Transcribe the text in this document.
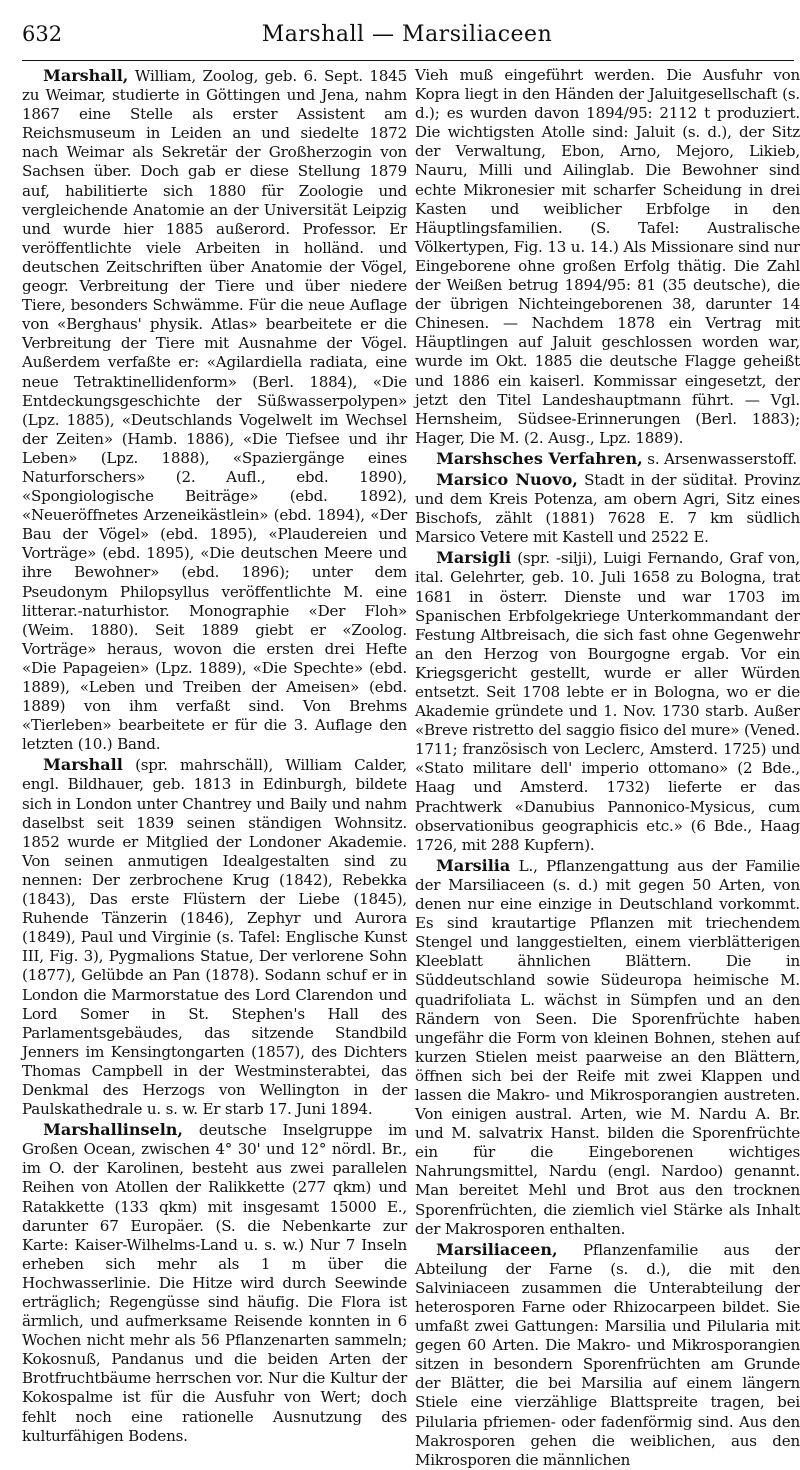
632	Marshall — Marsiliaceen

Marshall, William, Zoolog, geb. 6. Sept. 1845 zu Weimar, studierte in Göttingen und Jena, nahm 1867 eine Stelle als erster Assistent am Reichsmuseum in Leiden an und siedelte 1872 nach Weimar als Sekretär der Großherzogin von Sachsen über. Doch gab er diese Stellung 1879 auf, habilitierte sich 1880 für Zoologie und vergleichende Anatomie an der Universität Leipzig und wurde hier 1885 außerord. Professor. Er veröffentlichte viele Arbeiten in holländ. und deutschen Zeitschriften über Anatomie der Vögel, geogr. Verbreitung der Tiere und über niedere Tiere, besonders Schwämme. Für die neue Auflage von «Berghaus' physik. Atlas» bearbeitete er die Verbreitung der Tiere mit Ausnahme der Vögel. Außerdem verfaßte er: «Agilardiella radiata, eine neue Tetraktinellidenform» (Berl. 1884), «Die Entdeckungsgeschichte der Süßwasserpolypen» (Lpz. 1885), «Deutschlands Vogelwelt im Wechsel der Zeiten» (Hamb. 1886), «Die Tiefsee und ihr Leben» (Lpz. 1888), «Spaziergänge eines Naturforschers» (2. Aufl., ebd. 1890), «Spongiologische Beiträge» (ebd. 1892), «Neueröffnetes Arzeneikästlein» (ebd. 1894), «Der Bau der Vögel» (ebd. 1895), «Plaudereien und Vorträge» (ebd. 1895), «Die deutschen Meere und ihre Bewohner» (ebd. 1896); unter dem Pseudonym Philopsyllus veröffentlichte M. eine litterar.-naturhistor. Monographie «Der Floh» (Weim. 1880). Seit 1889 giebt er «Zoolog. Vorträge» heraus, wovon die ersten drei Hefte «Die Papageien» (Lpz. 1889), «Die Spechte» (ebd. 1889), «Leben und Treiben der Ameisen» (ebd. 1889) von ihm verfaßt sind. Von Brehms «Tierleben» bearbeitete er für die 3. Auflage den letzten (10.) Band.

Marshall (spr. mahrschäll), William Calder, engl. Bildhauer, geb. 1813 in Edinburgh, bildete sich in London unter Chantrey und Baily und nahm daselbst seit 1839 seinen ständigen Wohnsitz. 1852 wurde er Mitglied der Londoner Akademie. Von seinen anmutigen Idealgestalten sind zu nennen: Der zerbrochene Krug (1842), Rebekka (1843), Das erste Flüstern der Liebe (1845), Ruhende Tänzerin (1846), Zephyr und Aurora (1849), Paul und Virginie (s. Tafel: Englische Kunst III, Fig. 3), Pygmalions Statue, Der verlorene Sohn (1877), Gelübde an Pan (1878). Sodann schuf er in London die Marmorstatue des Lord Clarendon und Lord Somer in St. Stephen's Hall des Parlamentsgebäudes, das sitzende Standbild Jenners im Kensingtongarten (1857), des Dichters Thomas Campbell in der Westminsterabtei, das Denkmal des Herzogs von Wellington in der Paulskathedrale u. s. w. Er starb 17. Juni 1894.

Marshallinseln, deutsche Inselgruppe im Großen Ocean, zwischen 4° 30' und 12° nördl. Br., im O. der Karolinen, besteht aus zwei parallelen Reihen von Atollen der Ralikkette (277 qkm) und Ratakkette (133 qkm) mit insgesamt 15000 E., darunter 67 Europäer. (S. die Nebenkarte zur Karte: Kaiser-Wilhelms-Land u. s. w.) Nur 7 Inseln erheben sich mehr als 1 m über die Hochwasserlinie. Die Hitze wird durch Seewinde erträglich; Regengüsse sind häufig. Die Flora ist ärmlich, und aufmerksame Reisende konnten in 6 Wochen nicht mehr als 56 Pflanzenarten sammeln; Kokosnuß, Pandanus und die beiden Arten der Brotfruchtbäume herrschen vor. Nur die Kultur der Kokospalme ist für die Ausfuhr von Wert; doch fehlt noch eine rationelle Ausnutzung des kulturfähigen Bodens.

Vieh muß eingeführt werden. Die Ausfuhr von Kopra liegt in den Händen der Jaluitgesellschaft (s. d.); es wurden davon 1894/95: 2112 t produziert. Die wichtigsten Atolle sind: Jaluit (s. d.), der Sitz der Verwaltung, Ebon, Arno, Mejoro, Likieb, Nauru, Milli und Ailinglab. Die Bewohner sind echte Mikronesier mit scharfer Scheidung in drei Kasten und weiblicher Erbfolge in den Häuptlingsfamilien. (S. Tafel: Australische Völkertypen, Fig. 13 u. 14.) Als Missionare sind nur Eingeborene ohne großen Erfolg thätig. Die Zahl der Weißen betrug 1894/95: 81 (35 deutsche), die der übrigen Nichteingeborenen 38, darunter 14 Chinesen. — Nachdem 1878 ein Vertrag mit Häuptlingen auf Jaluit geschlossen worden war, wurde im Okt. 1885 die deutsche Flagge geheißt und 1886 ein kaiserl. Kommissar eingesetzt, der jetzt den Titel Landeshauptmann führt. — Vgl. Hernsheim, Südsee-Erinnerungen (Berl. 1883); Hager, Die M. (2. Ausg., Lpz. 1889).

Marshsches Verfahren, s. Arsenwasserstoff.

Marsico Nuovo, Stadt in der süditał. Provinz und dem Kreis Potenza, am obern Agri, Sitz eines Bischofs, zählt (1881) 7628 E. 7 km südlich Marsico Vetere mit Kastell und 2522 E.

Marsigli (spr. -silji), Luigi Fernando, Graf von, ital. Gelehrter, geb. 10. Juli 1658 zu Bologna, trat 1681 in österr. Dienste und war 1703 im Spanischen Erbfolgekriege Unterkommandant der Festung Altbreisach, die sich fast ohne Gegenwehr an den Herzog von Bourgogne ergab. Vor ein Kriegsgericht gestellt, wurde er aller Würden entsetzt. Seit 1708 lebte er in Bologna, wo er die Akademie gründete und 1. Nov. 1730 starb. Außer «Breve ristretto del saggio fisico del mure» (Vened. 1711; französisch von Leclerc, Amsterd. 1725) und «Stato militare dell' imperio ottomano» (2 Bde., Haag und Amsterd. 1732) lieferte er das Prachtwerk «Danubius Pannonico-Mysicus, cum observationibus geographicis etc.» (6 Bde., Haag 1726, mit 288 Kupfern).

Marsilia L., Pflanzengattung aus der Familie der Marsiliaceen (s. d.) mit gegen 50 Arten, von denen nur eine einzige in Deutschland vorkommt. Es sind krautartige Pflanzen mit triechendem Stengel und langgestielten, einem vierblätterigen Kleeblatt ähnlichen Blättern. Die in Süddeutschland sowie Südeuropa heimische M. quadrifoliata L. wächst in Sümpfen und an den Rändern von Seen. Die Sporenfrüchte haben ungefähr die Form von kleinen Bohnen, stehen auf kurzen Stielen meist paarweise an den Blättern, öffnen sich bei der Reife mit zwei Klappen und lassen die Makro- und Mikrosporangien austreten. Von einigen austral. Arten, wie M. Nardu A. Br. und M. salvatrix Hanst. bilden die Sporenfrüchte ein für die Eingeborenen wichtiges Nahrungsmittel, Nardu (engl. Nardoo) genannt. Man bereitet Mehl und Brot aus den trocknen Sporenfrüchten, die ziemlich viel Stärke als Inhalt der Makrosporen enthalten.

Marsiliaceen, Pflanzenfamilie aus der Abteilung der Farne (s. d.), die mit den Salviniaceen zusammen die Unterabteilung der heterosporen Farne oder Rhizocarpeen bildet. Sie umfaßt zwei Gattungen: Marsilia und Pilularia mit gegen 60 Arten. Die Makro- und Mikrosporangien sitzen in besondern Sporenfrüchten am Grunde der Blätter, die bei Marsilia auf einem längern Stiele eine vierzählige Blattspreite tragen, bei Pilularia pfriemen- oder fadenförmig sind. Aus den Makrosporen gehen die weiblichen, aus den Mikrosporen die männlichen
